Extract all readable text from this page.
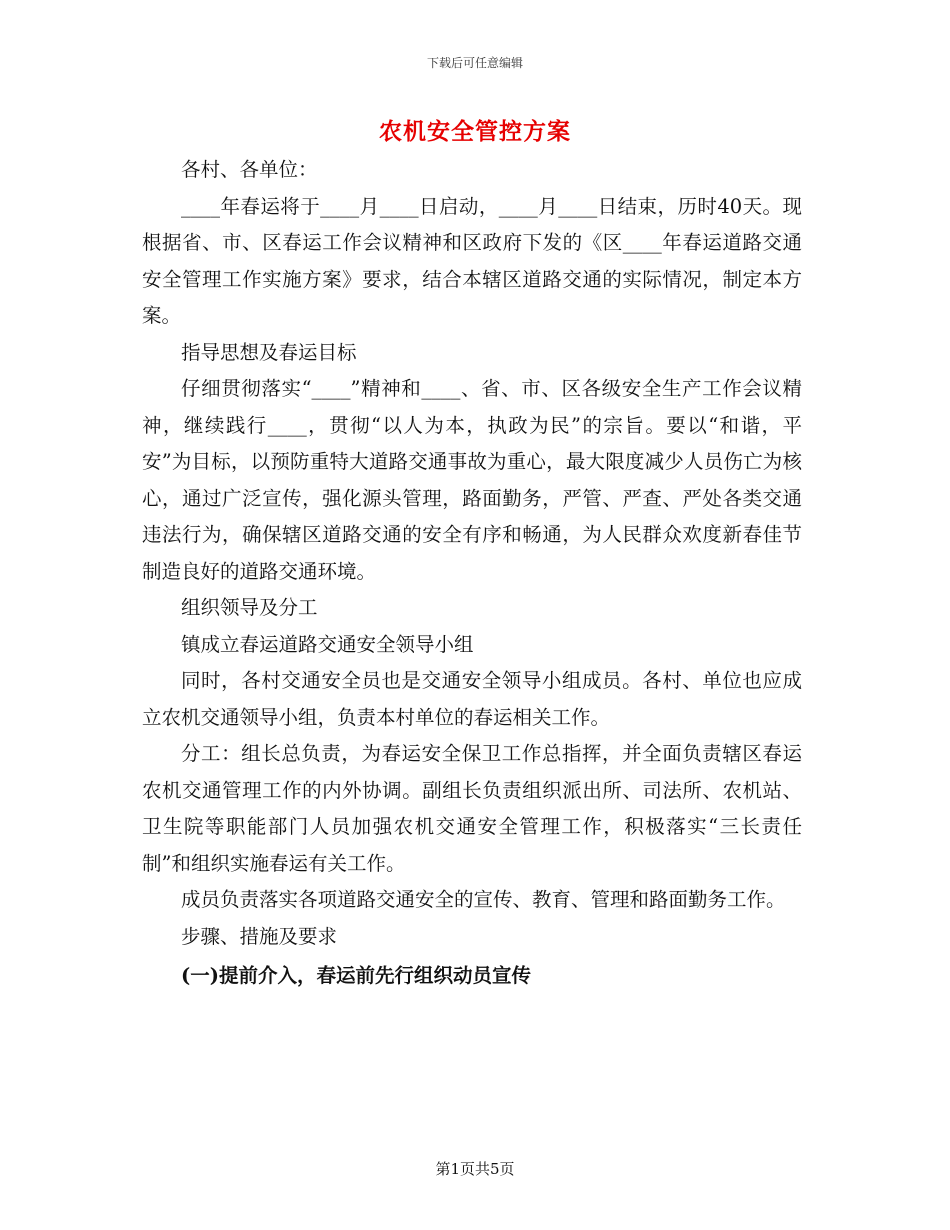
下载后可任意编辑
农机安全管控方案

各村、各单位：

____年春运将于____月____日启动，____月____日结束，历时40天。现根据省、市、区春运工作会议精神和区政府下发的《区____年春运道路交通安全管理工作实施方案》要求，结合本辖区道路交通的实际情况，制定本方案。

指导思想及春运目标

仔细贯彻落实“____”精神和____、省、市、区各级安全生产工作会议精神，继续践行____，贯彻“以人为本，执政为民”的宗旨。要以“和谐，平安”为目标，以预防重特大道路交通事故为重心，最大限度减少人员伤亡为核心，通过广泛宣传，强化源头管理，路面勤务，严管、严查、严处各类交通违法行为，确保辖区道路交通的安全有序和畅通，为人民群众欢度新春佳节制造良好的道路交通环境。

组织领导及分工

镇成立春运道路交通安全领导小组

同时，各村交通安全员也是交通安全领导小组成员。各村、单位也应成立农机交通领导小组，负责本村单位的春运相关工作。

分工：组长总负责，为春运安全保卫工作总指挥，并全面负责辖区春运农机交通管理工作的内外协调。副组长负责组织派出所、司法所、农机站、卫生院等职能部门人员加强农机交通安全管理工作，积极落实“三长责任制”和组织实施春运有关工作。

成员负责落实各项道路交通安全的宣传、教育、管理和路面勤务工作。

步骤、措施及要求

(一)提前介入，春运前先行组织动员宣传

第1页共5页
